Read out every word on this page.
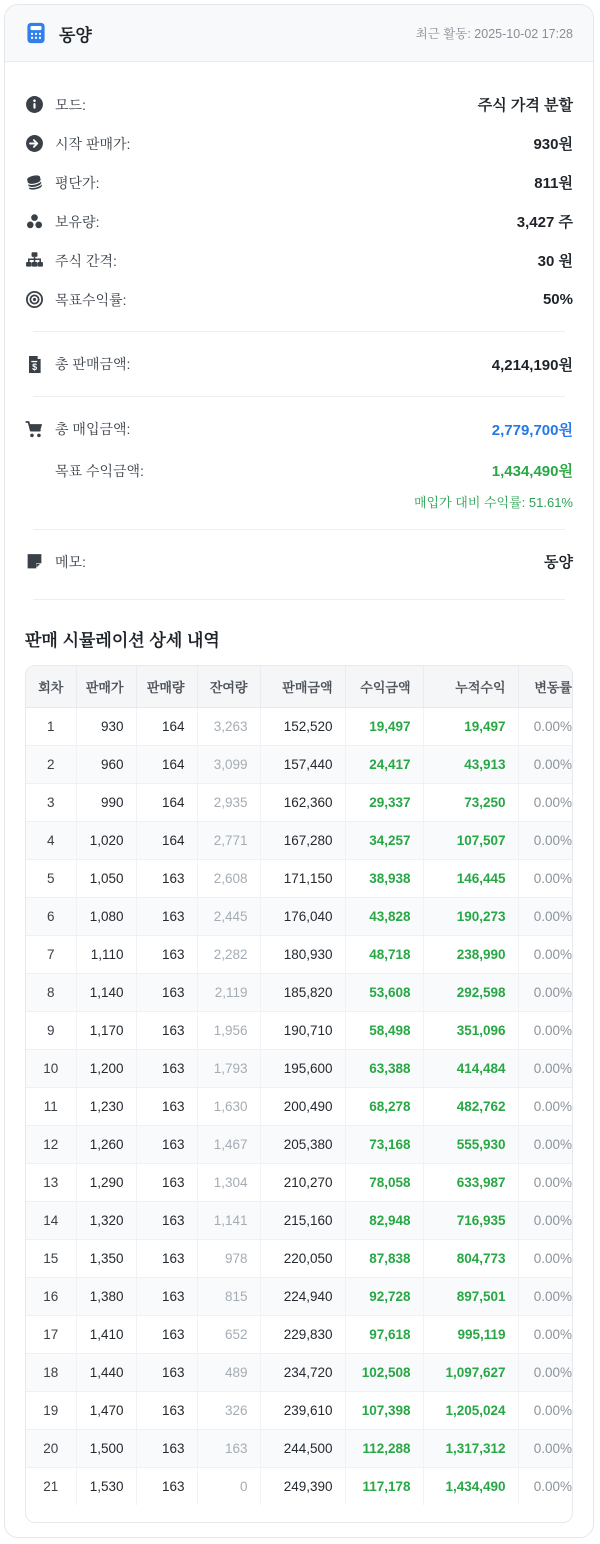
동양	최근 활동: 2025-10-02 17:28
모드:	주식 가격 분할
시작 판매가:	930원
평단가:	811원
보유량:	3,427 주
주식 간격:	30 원
목표수익률:	50%
$ 총 판매금액:	4,214,190원
총 매입금액:	2,779,700원
목표 수익금액:	1,434,490원
매입가 대비 수익률: 51.61%
메모:	동양
판매 시뮬레이션 상세 내역
회차	판매가	판매량	잔여량	판매금액	수익금액	누적수익	변동률
1	930	164	3,263	152,520	19,497	19,497	0.00%
2	960	164	3,099	157,440	24,417	43,913	0.00%
3	990	164	2,935	162,360	29,337	73,250	0.00%
4	1,020	164	2,771	167,280	34,257	107,507	0.00%
5	1,050	163	2,608	171,150	38,938	146,445	0.00%
6	1,080	163	2,445	176,040	43,828	190,273	0.00%
7	1,110	163	2,282	180,930	48,718	238,990	0.00%
8	1,140	163	2,119	185,820	53,608	292,598	0.00%
9	1,170	163	1,956	190,710	58,498	351,096	0.00%
10	1,200	163	1,793	195,600	63,388	414,484	0.00%
11	1,230	163	1,630	200,490	68,278	482,762	0.00%
12	1,260	163	1,467	205,380	73,168	555,930	0.00%
13	1,290	163	1,304	210,270	78,058	633,987	0.00%
14	1,320	163	1,141	215,160	82,948	716,935	0.00%
15	1,350	163	978	220,050	87,838	804,773	0.00%
16	1,380	163	815	224,940	92,728	897,501	0.00%
17	1,410	163	652	229,830	97,618	995,119	0.00%
18	1,440	163	489	234,720	102,508	1,097,627	0.00%
19	1,470	163	326	239,610	107,398	1,205,024	0.00%
20	1,500	163	163	244,500	112,288	1,317,312	0.00%
21	1,530	163	0	249,390	117,178	1,434,490	0.00%
